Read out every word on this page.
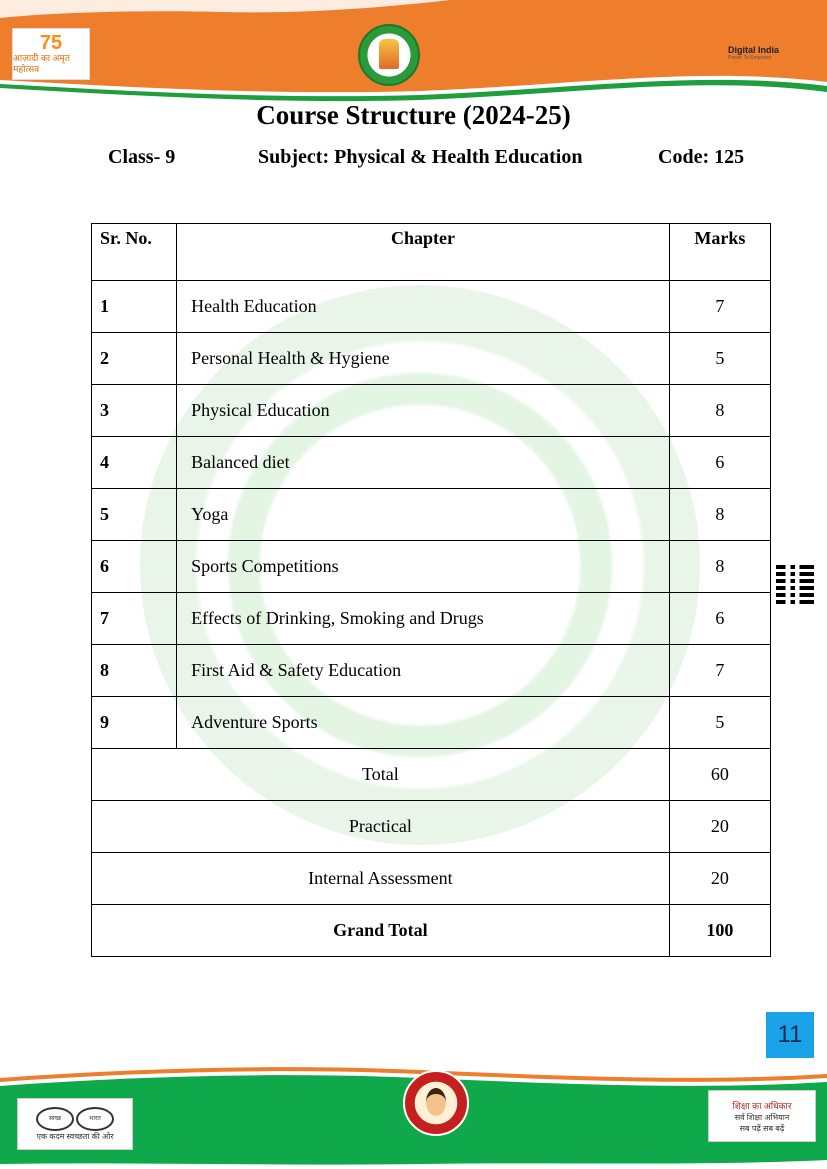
75
आज़ादी का अमृत महोत्सव
Digital India
Power To Empower
Course Structure (2024-25)
Class- 9	Subject: Physical & Health Education	Code: 125
Sr. No.	Chapter	Marks
1	Health Education	7
2	Personal Health & Hygiene	5
3	Physical Education	8
4	Balanced diet	6
5	Yoga	8
6	Sports Competitions	8
7	Effects of Drinking, Smoking and Drugs	6
8	First Aid & Safety Education	7
9	Adventure Sports	5
Total		60
Practical		20
Internal Assessment		20
Grand Total		100
11
स्वच्छ	भारत
एक कदम स्वच्छता की ओर
शिक्षा का अधिकार
सर्व शिक्षा अभियान
सब पढ़ें सब बढ़ें
